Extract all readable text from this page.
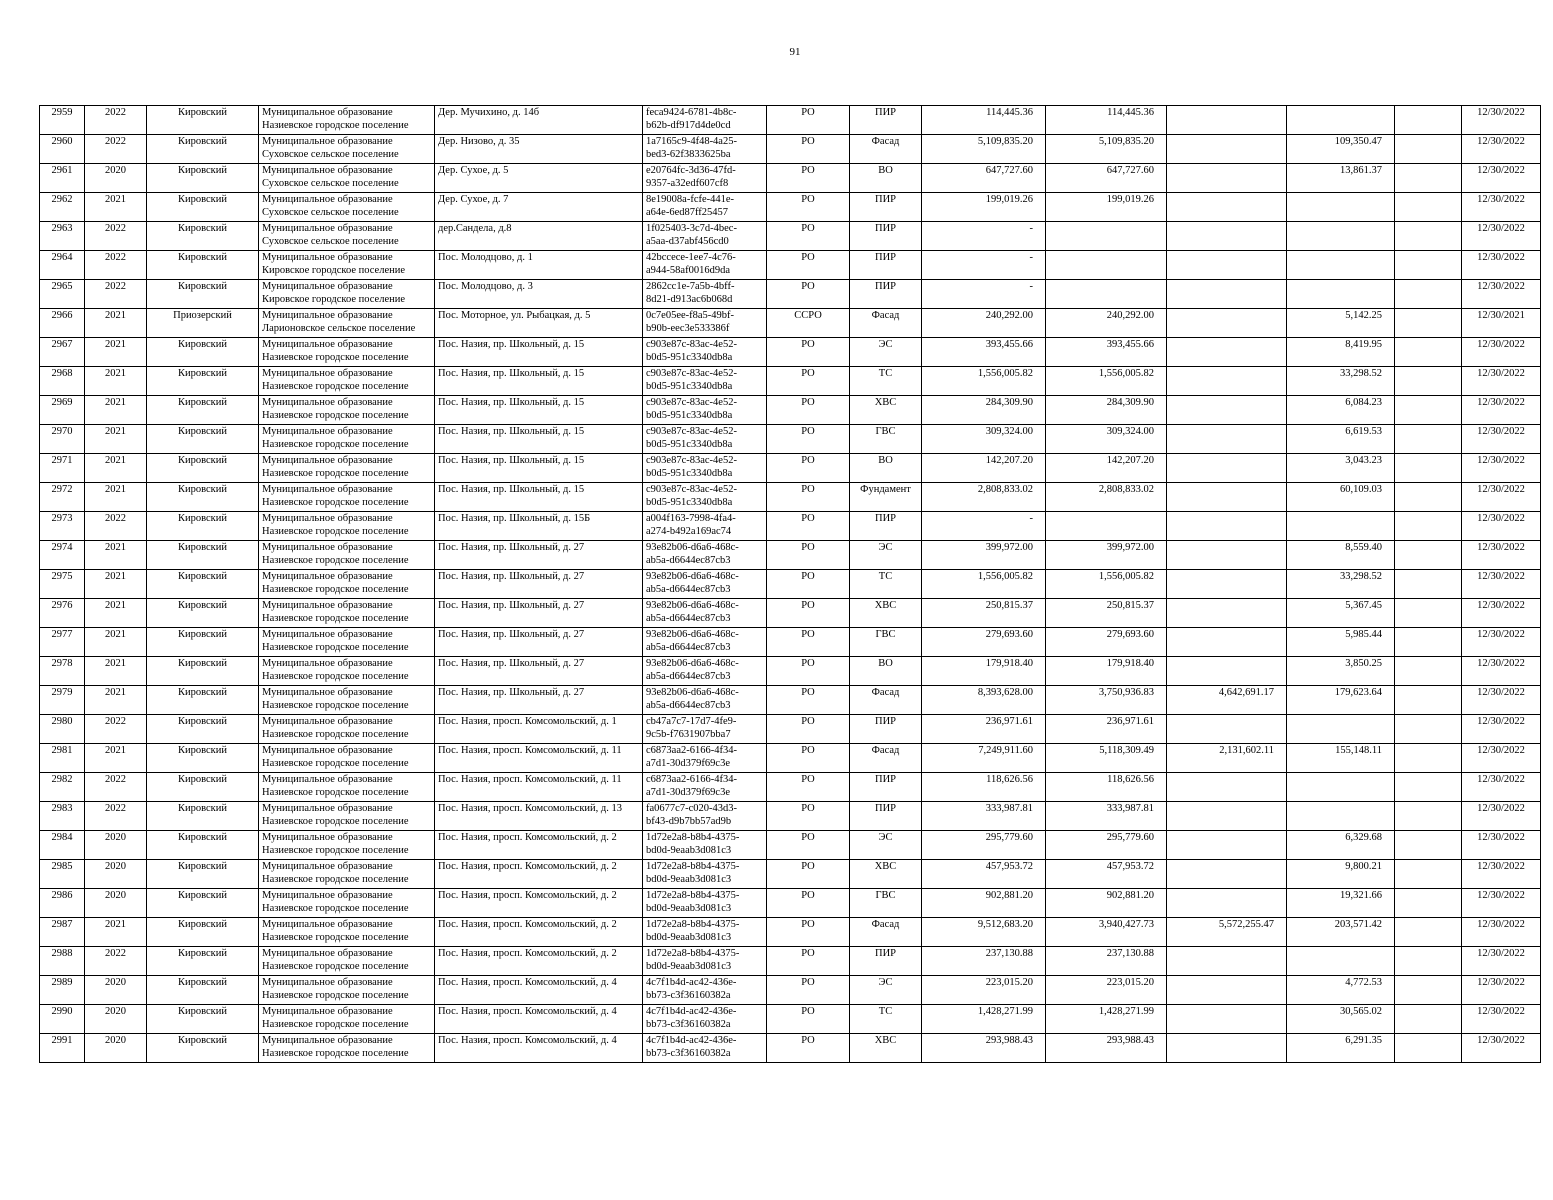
91
2959	2022	Кировский	Муниципальное образование
Назиевское городское поселение	Дер. Мучихино, д. 14б	feca9424-6781-4b8c-
b62b-df917d4de0cd	РО	ПИР	114,445.36	114,445.36				12/30/2022
2960	2022	Кировский	Муниципальное образование
Суховское сельское поселение	Дер. Низово, д. 35	1a7165c9-4f48-4a25-
bed3-62f3833625ba	РО	Фасад	5,109,835.20	5,109,835.20		109,350.47		12/30/2022
2961	2020	Кировский	Муниципальное образование
Суховское сельское поселение	Дер. Сухое, д. 5	e20764fc-3d36-47fd-
9357-a32edf607cf8	РО	ВО	647,727.60	647,727.60		13,861.37		12/30/2022
2962	2021	Кировский	Муниципальное образование
Суховское сельское поселение	Дер. Сухое, д. 7	8e19008a-fcfe-441e-
a64e-6ed87ff25457	РО	ПИР	199,019.26	199,019.26				12/30/2022
2963	2022	Кировский	Муниципальное образование
Суховское сельское поселение	дер.Сандела, д.8	1f025403-3c7d-4bec-
a5aa-d37abf456cd0	РО	ПИР	-					12/30/2022
2964	2022	Кировский	Муниципальное образование
Кировское городское поселение	Пос. Молодцово, д. 1	42bccece-1ee7-4c76-
a944-58af0016d9da	РО	ПИР	-					12/30/2022
2965	2022	Кировский	Муниципальное образование
Кировское городское поселение	Пос. Молодцово, д. 3	2862cc1e-7a5b-4bff-
8d21-d913ac6b068d	РО	ПИР	-					12/30/2022
2966	2021	Приозерский	Муниципальное образование
Ларионовское сельское поселение	Пос. Моторное, ул. Рыбацкая, д. 5	0c7e05ee-f8a5-49bf-
b90b-eec3e533386f	ССРО	Фасад	240,292.00	240,292.00		5,142.25		12/30/2021
2967	2021	Кировский	Муниципальное образование
Назиевское городское поселение	Пос. Назия, пр. Школьный, д. 15	c903e87c-83ac-4e52-
b0d5-951c3340db8a	РО	ЭС	393,455.66	393,455.66		8,419.95		12/30/2022
2968	2021	Кировский	Муниципальное образование
Назиевское городское поселение	Пос. Назия, пр. Школьный, д. 15	c903e87c-83ac-4e52-
b0d5-951c3340db8a	РО	ТС	1,556,005.82	1,556,005.82		33,298.52		12/30/2022
2969	2021	Кировский	Муниципальное образование
Назиевское городское поселение	Пос. Назия, пр. Школьный, д. 15	c903e87c-83ac-4e52-
b0d5-951c3340db8a	РО	ХВС	284,309.90	284,309.90		6,084.23		12/30/2022
2970	2021	Кировский	Муниципальное образование
Назиевское городское поселение	Пос. Назия, пр. Школьный, д. 15	c903e87c-83ac-4e52-
b0d5-951c3340db8a	РО	ГВС	309,324.00	309,324.00		6,619.53		12/30/2022
2971	2021	Кировский	Муниципальное образование
Назиевское городское поселение	Пос. Назия, пр. Школьный, д. 15	c903e87c-83ac-4e52-
b0d5-951c3340db8a	РО	ВО	142,207.20	142,207.20		3,043.23		12/30/2022
2972	2021	Кировский	Муниципальное образование
Назиевское городское поселение	Пос. Назия, пр. Школьный, д. 15	c903e87c-83ac-4e52-
b0d5-951c3340db8a	РО	Фундамент	2,808,833.02	2,808,833.02		60,109.03		12/30/2022
2973	2022	Кировский	Муниципальное образование
Назиевское городское поселение	Пос. Назия, пр. Школьный, д. 15Б	a004f163-7998-4fa4-
a274-b492a169ac74	РО	ПИР	-					12/30/2022
2974	2021	Кировский	Муниципальное образование
Назиевское городское поселение	Пос. Назия, пр. Школьный, д. 27	93e82b06-d6a6-468c-
ab5a-d6644ec87cb3	РО	ЭС	399,972.00	399,972.00		8,559.40		12/30/2022
2975	2021	Кировский	Муниципальное образование
Назиевское городское поселение	Пос. Назия, пр. Школьный, д. 27	93e82b06-d6a6-468c-
ab5a-d6644ec87cb3	РО	ТС	1,556,005.82	1,556,005.82		33,298.52		12/30/2022
2976	2021	Кировский	Муниципальное образование
Назиевское городское поселение	Пос. Назия, пр. Школьный, д. 27	93e82b06-d6a6-468c-
ab5a-d6644ec87cb3	РО	ХВС	250,815.37	250,815.37		5,367.45		12/30/2022
2977	2021	Кировский	Муниципальное образование
Назиевское городское поселение	Пос. Назия, пр. Школьный, д. 27	93e82b06-d6a6-468c-
ab5a-d6644ec87cb3	РО	ГВС	279,693.60	279,693.60		5,985.44		12/30/2022
2978	2021	Кировский	Муниципальное образование
Назиевское городское поселение	Пос. Назия, пр. Школьный, д. 27	93e82b06-d6a6-468c-
ab5a-d6644ec87cb3	РО	ВО	179,918.40	179,918.40		3,850.25		12/30/2022
2979	2021	Кировский	Муниципальное образование
Назиевское городское поселение	Пос. Назия, пр. Школьный, д. 27	93e82b06-d6a6-468c-
ab5a-d6644ec87cb3	РО	Фасад	8,393,628.00	3,750,936.83	4,642,691.17	179,623.64		12/30/2022
2980	2022	Кировский	Муниципальное образование
Назиевское городское поселение	Пос. Назия, просп. Комсомольский, д. 1	cb47a7c7-17d7-4fe9-
9c5b-f7631907bba7	РО	ПИР	236,971.61	236,971.61				12/30/2022
2981	2021	Кировский	Муниципальное образование
Назиевское городское поселение	Пос. Назия, просп. Комсомольский, д. 11	c6873aa2-6166-4f34-
a7d1-30d379f69c3e	РО	Фасад	7,249,911.60	5,118,309.49	2,131,602.11	155,148.11		12/30/2022
2982	2022	Кировский	Муниципальное образование
Назиевское городское поселение	Пос. Назия, просп. Комсомольский, д. 11	c6873aa2-6166-4f34-
a7d1-30d379f69c3e	РО	ПИР	118,626.56	118,626.56				12/30/2022
2983	2022	Кировский	Муниципальное образование
Назиевское городское поселение	Пос. Назия, просп. Комсомольский, д. 13	fa0677c7-c020-43d3-
bf43-d9b7bb57ad9b	РО	ПИР	333,987.81	333,987.81				12/30/2022
2984	2020	Кировский	Муниципальное образование
Назиевское городское поселение	Пос. Назия, просп. Комсомольский, д. 2	1d72e2a8-b8b4-4375-
bd0d-9eaab3d081c3	РО	ЭС	295,779.60	295,779.60		6,329.68		12/30/2022
2985	2020	Кировский	Муниципальное образование
Назиевское городское поселение	Пос. Назия, просп. Комсомольский, д. 2	1d72e2a8-b8b4-4375-
bd0d-9eaab3d081c3	РО	ХВС	457,953.72	457,953.72		9,800.21		12/30/2022
2986	2020	Кировский	Муниципальное образование
Назиевское городское поселение	Пос. Назия, просп. Комсомольский, д. 2	1d72e2a8-b8b4-4375-
bd0d-9eaab3d081c3	РО	ГВС	902,881.20	902,881.20		19,321.66		12/30/2022
2987	2021	Кировский	Муниципальное образование
Назиевское городское поселение	Пос. Назия, просп. Комсомольский, д. 2	1d72e2a8-b8b4-4375-
bd0d-9eaab3d081c3	РО	Фасад	9,512,683.20	3,940,427.73	5,572,255.47	203,571.42		12/30/2022
2988	2022	Кировский	Муниципальное образование
Назиевское городское поселение	Пос. Назия, просп. Комсомольский, д. 2	1d72e2a8-b8b4-4375-
bd0d-9eaab3d081c3	РО	ПИР	237,130.88	237,130.88				12/30/2022
2989	2020	Кировский	Муниципальное образование
Назиевское городское поселение	Пос. Назия, просп. Комсомольский, д. 4	4c7f1b4d-ac42-436e-
bb73-c3f36160382a	РО	ЭС	223,015.20	223,015.20		4,772.53		12/30/2022
2990	2020	Кировский	Муниципальное образование
Назиевское городское поселение	Пос. Назия, просп. Комсомольский, д. 4	4c7f1b4d-ac42-436e-
bb73-c3f36160382a	РО	ТС	1,428,271.99	1,428,271.99		30,565.02		12/30/2022
2991	2020	Кировский	Муниципальное образование
Назиевское городское поселение	Пос. Назия, просп. Комсомольский, д. 4	4c7f1b4d-ac42-436e-
bb73-c3f36160382a	РО	ХВС	293,988.43	293,988.43		6,291.35		12/30/2022
